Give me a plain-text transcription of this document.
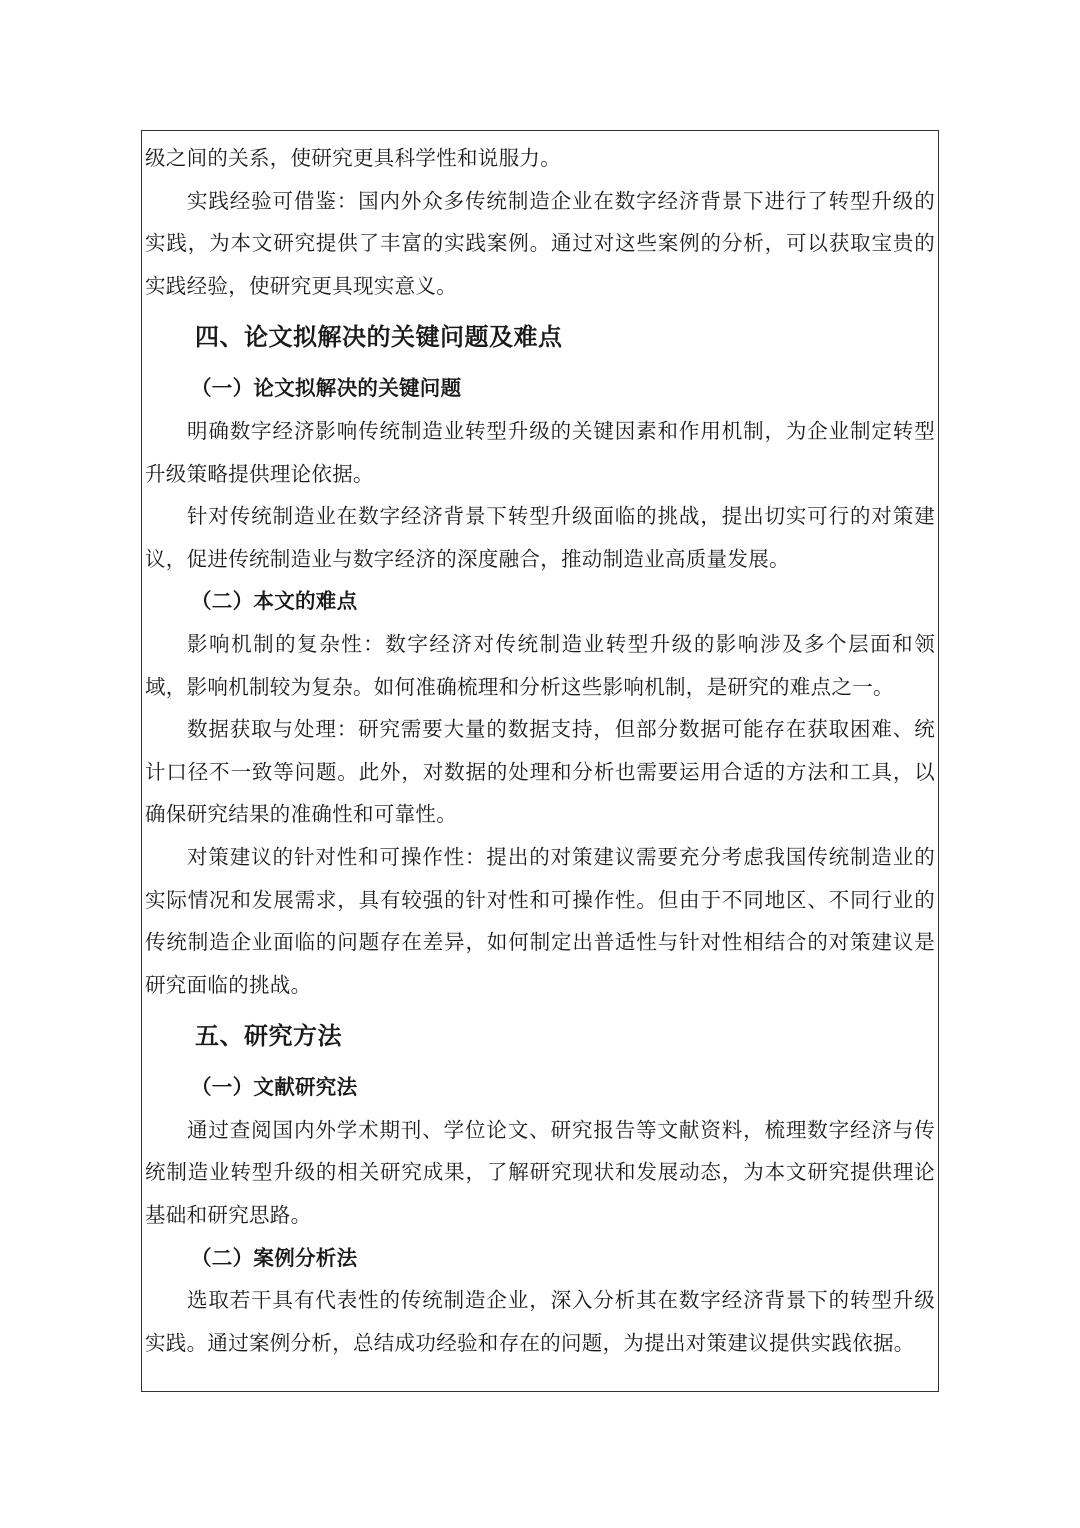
级之间的关系，使研究更具科学性和说服力。

实践经验可借鉴：国内外众多传统制造企业在数字经济背景下进行了转型升级的实践，为本文研究提供了丰富的实践案例。通过对这些案例的分析，可以获取宝贵的实践经验，使研究更具现实意义。

四、论文拟解决的关键问题及难点
（一）论文拟解决的关键问题

明确数字经济影响传统制造业转型升级的关键因素和作用机制，为企业制定转型升级策略提供理论依据。

针对传统制造业在数字经济背景下转型升级面临的挑战，提出切实可行的对策建议，促进传统制造业与数字经济的深度融合，推动制造业高质量发展。

（二）本文的难点

影响机制的复杂性：数字经济对传统制造业转型升级的影响涉及多个层面和领域，影响机制较为复杂。如何准确梳理和分析这些影响机制，是研究的难点之一。

数据获取与处理：研究需要大量的数据支持，但部分数据可能存在获取困难、统计口径不一致等问题。此外，对数据的处理和分析也需要运用合适的方法和工具，以确保研究结果的准确性和可靠性。

对策建议的针对性和可操作性：提出的对策建议需要充分考虑我国传统制造业的实际情况和发展需求，具有较强的针对性和可操作性。但由于不同地区、不同行业的传统制造企业面临的问题存在差异，如何制定出普适性与针对性相结合的对策建议是研究面临的挑战。

五、研究方法
（一）文献研究法

通过查阅国内外学术期刊、学位论文、研究报告等文献资料，梳理数字经济与传统制造业转型升级的相关研究成果，了解研究现状和发展动态，为本文研究提供理论基础和研究思路。

（二）案例分析法

选取若干具有代表性的传统制造企业，深入分析其在数字经济背景下的转型升级实践。通过案例分析，总结成功经验和存在的问题，为提出对策建议提供实践依据。
